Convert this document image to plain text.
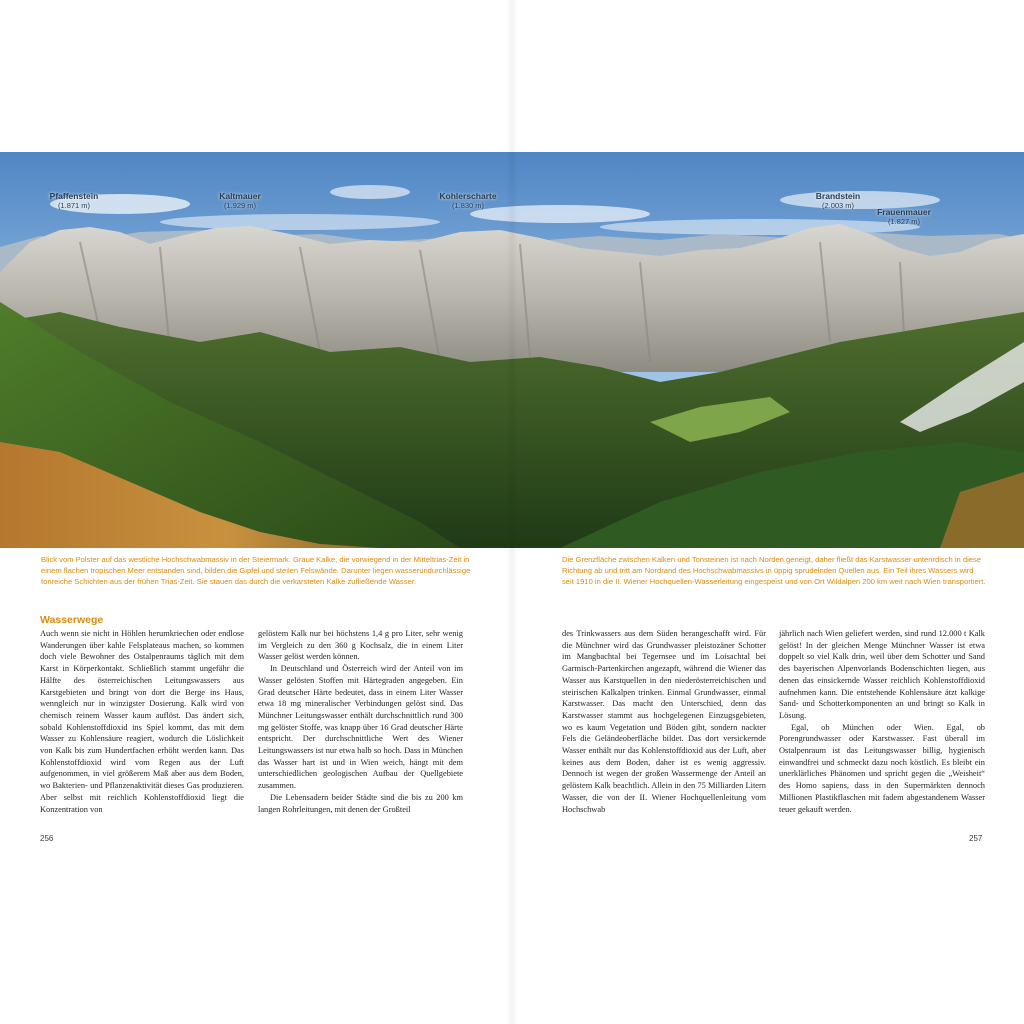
Pfaffenstein
(1.871 m)
Kaltmauer
(1.929 m)
Kohlerscharte
(1.830 m)
Brandstein
(2.003 m)
Frauenmauer
(1.827 m)
Blick vom Polster auf das westliche Hochschwabmassiv in der Steiermark. Graue Kalke, die vorwiegend in der Mitteltrias-Zeit in einem flachen tropischen Meer entstanden sind, bilden die Gipfel und steilen Felswände. Darunter liegen wasserundurchlässige tonreiche Schichten aus der frühen Trias-Zeit. Sie stauen das durch die verkarsteten Kalke zufließende Wasser.
Die Grenzfläche zwischen Kalken und Tonsteinen ist nach Norden geneigt, daher fließt das Karstwasser unterirdisch in diese Richtung ab und tritt am Nordrand des Hochschwabmassivs in üppig sprudelnden Quellen aus. Ein Teil ihres Wassers wird seit 1910 in die II. Wiener Hochquellen-Wasserleitung eingespeist und von Ort Wildalpen 200 km weit nach Wien transportiert.
Wasserwege

Auch wenn sie nicht in Höhlen herumkriechen oder endlose Wanderungen über kahle Felsplateaus machen, so kommen doch viele Bewohner des Ostalpenraums täglich mit dem Karst in Körperkontakt. Schließlich stammt ungefähr die Hälfte des österreichischen Leitungswassers aus Karstgebieten und bringt von dort die Berge ins Haus, wenngleich nur in winzigster Dosierung. Kalk wird von chemisch reinem Wasser kaum auflöst. Das ändert sich, sobald Kohlenstoffdioxid ins Spiel kommt, das mit dem Wasser zu Kohlensäure reagiert, wodurch die Löslichkeit von Kalk bis zum Hundertfachen erhöht werden kann. Das Kohlenstoffdioxid wird vom Regen aus der Luft aufgenommen, in viel größerem Maß aber aus dem Boden, wo Bakterien- und Pflanzenaktivität dieses Gas produzieren. Aber selbst mit reichlich Kohlenstoffdioxid liegt die Konzentration von

gelöstem Kalk nur bei höchstens 1,4 g pro Liter, sehr wenig im Vergleich zu den 360 g Kochsalz, die in einem Liter Wasser gelöst werden können.

In Deutschland und Österreich wird der Anteil von im Wasser gelösten Stoffen mit Härtegraden angegeben. Ein Grad deutscher Härte bedeutet, dass in einem Liter Wasser etwa 18 mg mineralischer Verbindungen gelöst sind. Das Münchner Leitungswasser enthält durchschnittlich rund 300 mg gelöster Stoffe, was knapp über 16 Grad deutscher Härte entspricht. Der durchschnittliche Wert des Wiener Leitungswassers ist nur etwa halb so hoch. Dass in München das Wasser hart ist und in Wien weich, hängt mit dem unterschiedlichen geologischen Aufbau der Quellgebiete zusammen.

Die Lebensadern beider Städte sind die bis zu 200 km langen Rohrleitungen, mit denen der Großteil

des Trinkwassers aus dem Süden herangeschafft wird. Für die Münchner wird das Grundwasser pleistozäner Schotter im Mangbachtal bei Tegernsee und im Loisachtal bei Garmisch-Partenkirchen angezapft, während die Wiener das Wasser aus Karstquellen in den niederösterreichischen und steirischen Kalkalpen trinken. Einmal Grundwasser, einmal Karstwasser. Das macht den Unterschied, denn das Karstwasser stammt aus hochgelegenen Einzugsgebieten, wo es kaum Vegetation und Böden gibt, sondern nackter Fels die Geländeoberfläche bildet. Das dort versickernde Wasser enthält nur das Kohlenstoffdioxid aus der Luft, aber keines aus dem Boden, daher ist es wenig aggressiv. Dennoch ist wegen der großen Wassermenge der Anteil an gelöstem Kalk beachtlich. Allein in den 75 Milliarden Litern Wasser, die von der II. Wiener Hochquellenleitung vom Hochschwab

jährlich nach Wien geliefert werden, sind rund 12.000 t Kalk gelöst! In der gleichen Menge Münchner Wasser ist etwa doppelt so viel Kalk drin, weil über dem Schotter und Sand des bayerischen Alpenvorlands Bodenschichten liegen, aus denen das einsickernde Wasser reichlich Kohlenstoffdioxid aufnehmen kann. Die entstehende Kohlensäure ätzt kalkige Sand- und Schotterkomponenten an und bringt so Kalk in Lösung.

Egal, ob München oder Wien. Egal, ob Porengrundwasser oder Karstwasser. Fast überall im Ostalpenraum ist das Leitungswasser billig, hygienisch einwandfrei und schmeckt dazu noch köstlich. Es bleibt ein unerklärliches Phänomen und spricht gegen die „Weisheit“ des Homo sapiens, dass in den Supermärkten dennoch Millionen Plastikflaschen mit fadem abgestandenem Wasser teuer gekauft werden.

256	257
